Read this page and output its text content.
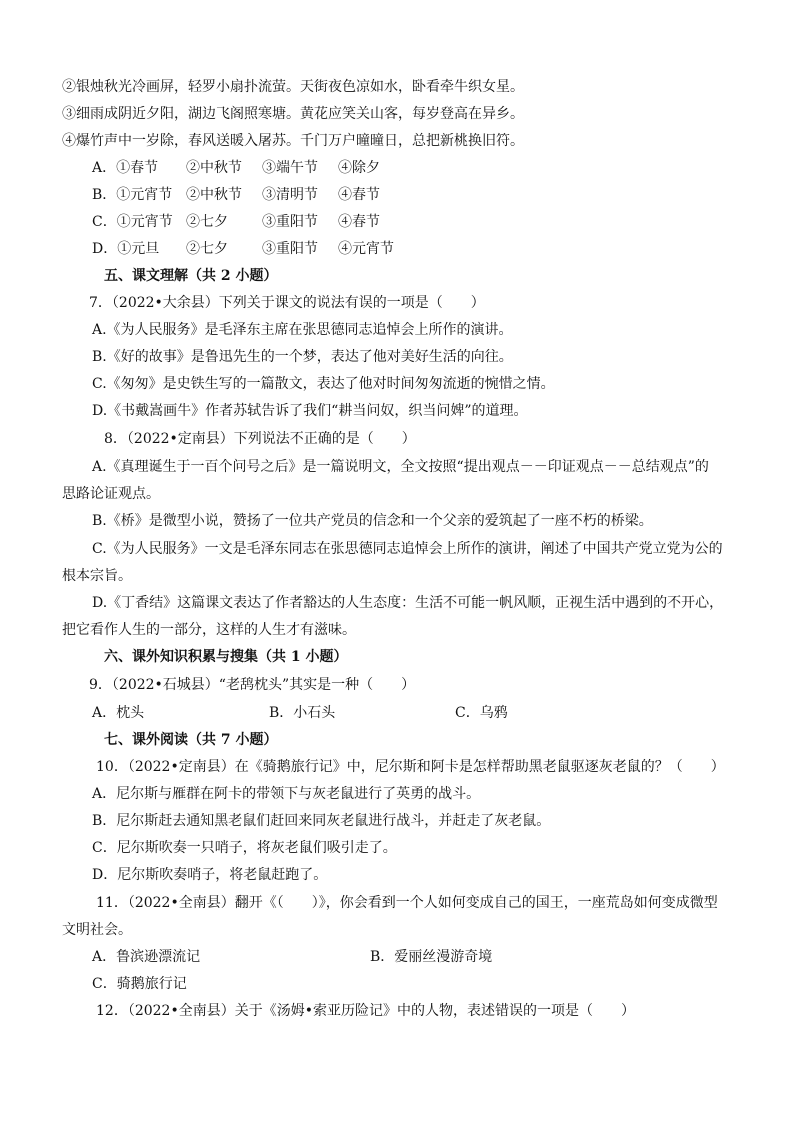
②银烛秋光冷画屏，轻罗小扇扑流萤。天街夜色凉如水，卧看牵牛织女星。
③细雨成阴近夕阳，湖边飞阁照寒塘。黄花应笑关山客，每岁登高在异乡。
④爆竹声中一岁除，春风送暖入屠苏。千门万户曈曈日，总把新桃换旧符。
A．①春节 ②中秋节 ③端午节 ④除夕
B．①元宵节 ②中秋节 ③清明节 ④春节
C．①元宵节 ②七夕 ③重阳节 ④春节
D．①元旦 ②七夕 ③重阳节 ④元宵节
五、课文理解（共 2 小题）
7．（2022•大余县）下列关于课文的说法有误的一项是（　　）
A.《为人民服务》是毛泽东主席在张思德同志追悼会上所作的演讲。
B.《好的故事》是鲁迅先生的一个梦，表达了他对美好生活的向往。
C.《匆匆》是史铁生写的一篇散文，表达了他对时间匆匆流逝的惋惜之情。
D.《书戴嵩画牛》作者苏轼告诉了我们“耕当问奴，织当问婢”的道理。
8．（2022•定南县）下列说法不正确的是（　　）
A.《真理诞生于一百个问号之后》是一篇说明文，全文按照“提出观点－－印证观点－－总结观点”的
思路论证观点。
B.《桥》是微型小说，赞扬了一位共产党员的信念和一个父亲的爱筑起了一座不朽的桥梁。
C.《为人民服务》一文是毛泽东同志在张思德同志追悼会上所作的演讲，阐述了中国共产党立党为公的
根本宗旨。
D.《丁香结》这篇课文表达了作者豁达的人生态度：生活不可能一帆风顺，正视生活中遇到的不开心，
把它看作人生的一部分，这样的人生才有滋味。
六、课外知识积累与搜集（共 1 小题）
9．（2022•石城县）“老鸹枕头”其实是一种（　　）
A．枕头	B．小石头	C．乌鸦
七、课外阅读（共 7 小题）
10．（2022•定南县）在《骑鹅旅行记》中，尼尔斯和阿卡是怎样帮助黑老鼠驱逐灰老鼠的？（　　）
A．尼尔斯与雁群在阿卡的带领下与灰老鼠进行了英勇的战斗。
B．尼尔斯赶去通知黑老鼠们赶回来同灰老鼠进行战斗，并赶走了灰老鼠。
C．尼尔斯吹奏一只哨子，将灰老鼠们吸引走了。
D．尼尔斯吹奏哨子，将老鼠赶跑了。
11．（2022•全南县）翻开《（　　）》，你会看到一个人如何变成自己的国王，一座荒岛如何变成微型
文明社会。
A．鲁滨逊漂流记	B．爱丽丝漫游奇境
C．骑鹅旅行记
12．（2022•全南县）关于《汤姆•索亚历险记》中的人物，表述错误的一项是（　　）
